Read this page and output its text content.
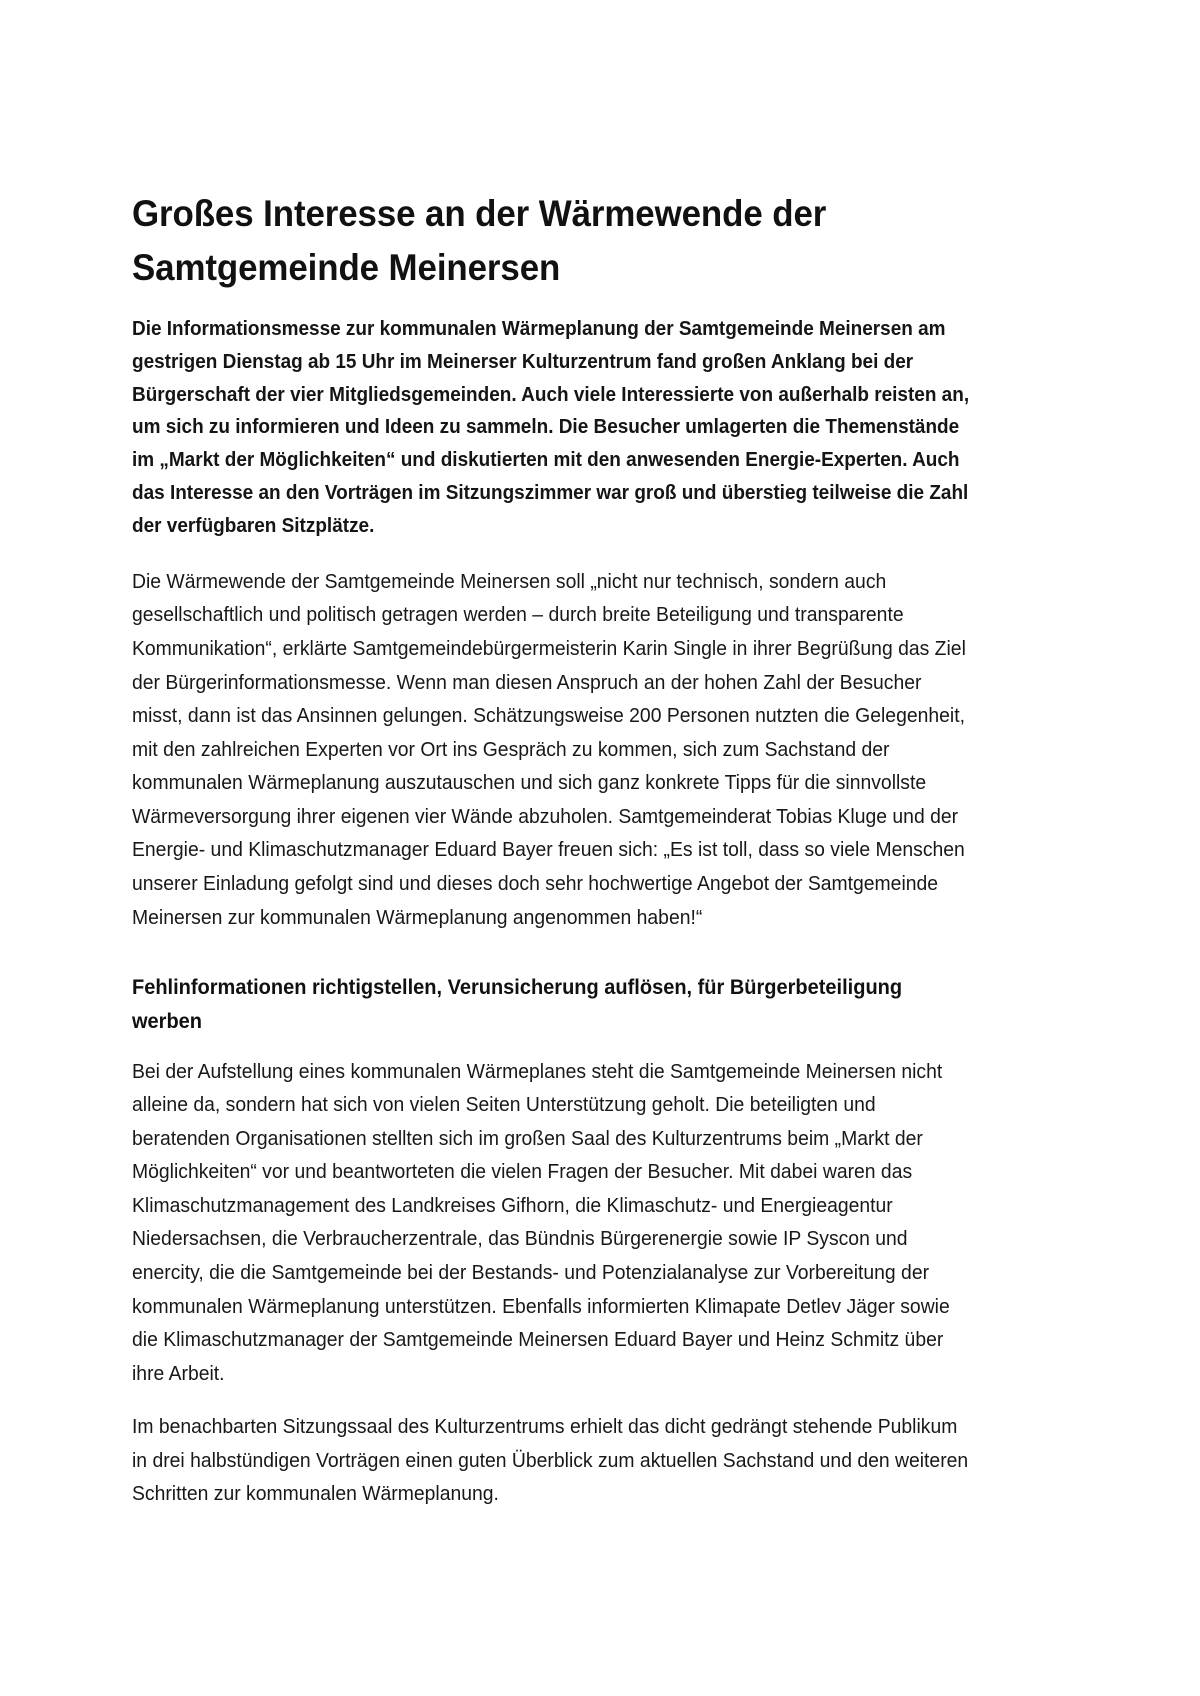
Großes Interesse an der Wärmewende der Samtgemeinde Meinersen

Die Informationsmesse zur kommunalen Wärmeplanung der Samtgemeinde Meinersen am gestrigen Dienstag ab 15 Uhr im Meinerser Kulturzentrum fand großen Anklang bei der Bürgerschaft der vier Mitgliedsgemeinden. Auch viele Interessierte von außerhalb reisten an, um sich zu informieren und Ideen zu sammeln. Die Besucher umlagerten die Themenstände im „Markt der Möglichkeiten“ und diskutierten mit den anwesenden Energie-Experten. Auch das Interesse an den Vorträgen im Sitzungszimmer war groß und überstieg teilweise die Zahl der verfügbaren Sitzplätze.

Die Wärmewende der Samtgemeinde Meinersen soll „nicht nur technisch, sondern auch gesellschaftlich und politisch getragen werden – durch breite Beteiligung und transparente Kommunikation“, erklärte Samtgemeindebürgermeisterin Karin Single in ihrer Begrüßung das Ziel der Bürgerinformationsmesse. Wenn man diesen Anspruch an der hohen Zahl der Besucher misst, dann ist das Ansinnen gelungen. Schätzungsweise 200 Personen nutzten die Gelegenheit, mit den zahlreichen Experten vor Ort ins Gespräch zu kommen, sich zum Sachstand der kommunalen Wärmeplanung auszutauschen und sich ganz konkrete Tipps für die sinnvollste Wärmeversorgung ihrer eigenen vier Wände abzuholen. Samtgemeinderat Tobias Kluge und der Energie- und Klimaschutzmanager Eduard Bayer freuen sich: „Es ist toll, dass so viele Menschen unserer Einladung gefolgt sind und dieses doch sehr hochwertige Angebot der Samtgemeinde Meinersen zur kommunalen Wärmeplanung angenommen haben!“

Fehlinformationen richtigstellen, Verunsicherung auflösen, für Bürgerbeteiligung werben

Bei der Aufstellung eines kommunalen Wärmeplanes steht die Samtgemeinde Meinersen nicht alleine da, sondern hat sich von vielen Seiten Unterstützung geholt. Die beteiligten und beratenden Organisationen stellten sich im großen Saal des Kulturzentrums beim „Markt der Möglichkeiten“ vor und beantworteten die vielen Fragen der Besucher. Mit dabei waren das Klimaschutzmanagement des Landkreises Gifhorn, die Klimaschutz- und Energieagentur Niedersachsen, die Verbraucherzentrale, das Bündnis Bürgerenergie sowie IP Syscon und enercity, die die Samtgemeinde bei der Bestands- und Potenzialanalyse zur Vorbereitung der kommunalen Wärmeplanung unterstützen. Ebenfalls informierten Klimapate Detlev Jäger sowie die Klimaschutzmanager der Samtgemeinde Meinersen Eduard Bayer und Heinz Schmitz über ihre Arbeit.

Im benachbarten Sitzungssaal des Kulturzentrums erhielt das dicht gedrängt stehende Publikum in drei halbstündigen Vorträgen einen guten Überblick zum aktuellen Sachstand und den weiteren Schritten zur kommunalen Wärmeplanung.
